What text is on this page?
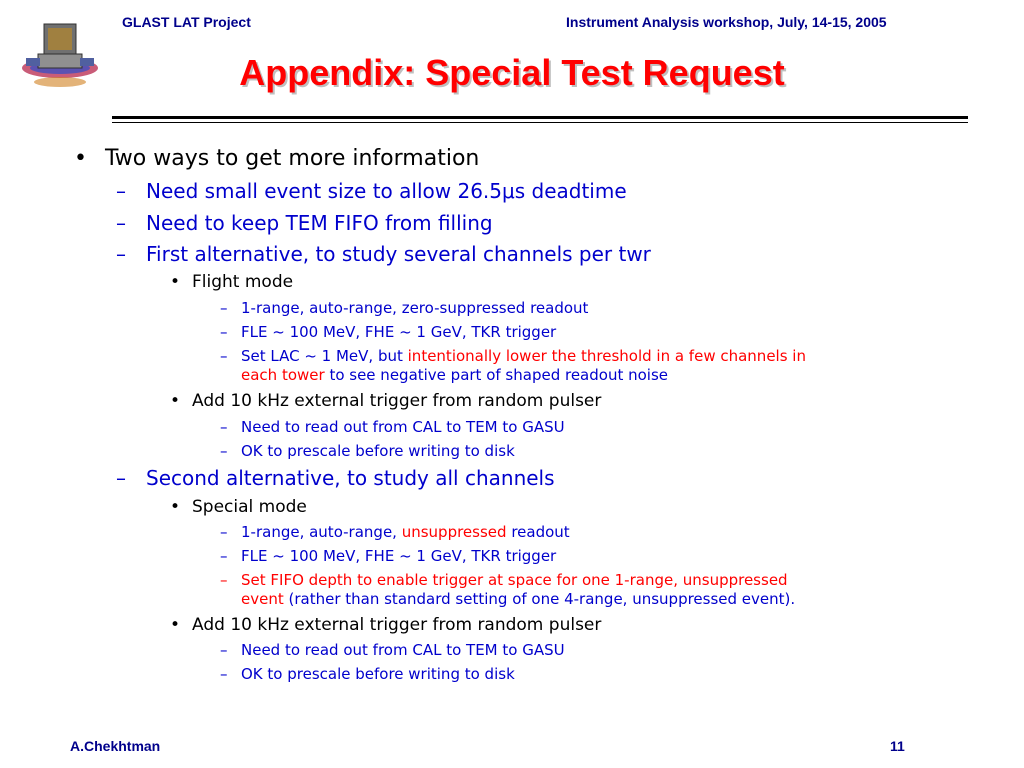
GLAST LAT Project	Instrument Analysis workshop, July, 14-15, 2005
Appendix: Special Test Request
• Two ways to get more information
– Need small event size to allow 26.5μs deadtime
– Need to keep TEM FIFO from filling
– First alternative, to study several channels per twr
• Flight mode
– 1-range, auto-range, zero-suppressed readout
– FLE ~ 100 MeV, FHE ~ 1 GeV, TKR trigger
– Set LAC ~ 1 MeV, but intentionally lower the threshold in a few channels in
each tower to see negative part of shaped readout noise
• Add 10 kHz external trigger from random pulser
– Need to read out from CAL to TEM to GASU
– OK to prescale before writing to disk
– Second alternative, to study all channels
• Special mode
– 1-range, auto-range, unsuppressed readout
– FLE ~ 100 MeV, FHE ~ 1 GeV, TKR trigger
– Set FIFO depth to enable trigger at space for one 1-range, unsuppressed
event (rather than standard setting of one 4-range, unsuppressed event).
• Add 10 kHz external trigger from random pulser
– Need to read out from CAL to TEM to GASU
– OK to prescale before writing to disk
A.Chekhtman	11
